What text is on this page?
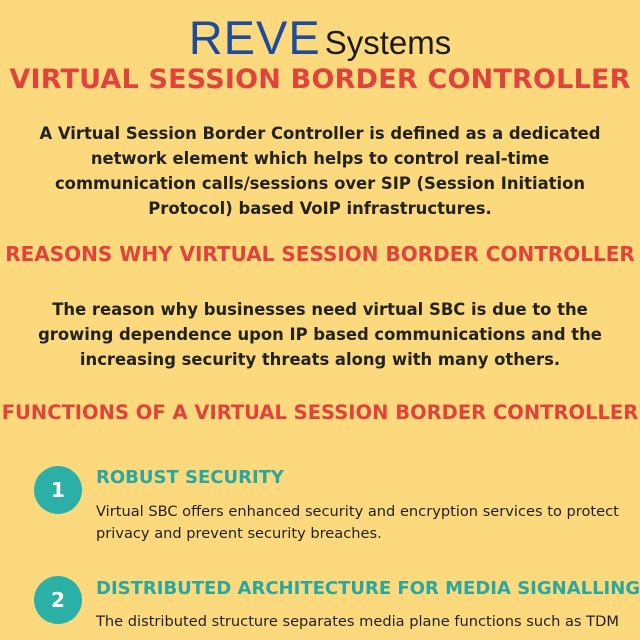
REVE Systems
VIRTUAL SESSION BORDER CONTROLLER
A Virtual Session Border Controller is defined as a dedicated network element which helps to control real-time communication calls/sessions over SIP (Session Initiation Protocol) based VoIP infrastructures.
REASONS WHY VIRTUAL SESSION BORDER CONTROLLER
The reason why businesses need virtual SBC is due to the growing dependence upon IP based communications and the increasing security threats along with many others.
FUNCTIONS OF A VIRTUAL SESSION BORDER CONTROLLER
1
ROBUST SECURITY
Virtual SBC offers enhanced security and encryption services to protect privacy and prevent security breaches.
2	DISTRIBUTED ARCHITECTURE FOR MEDIA SIGNALLING
The distributed structure separates media plane functions such as TDM
